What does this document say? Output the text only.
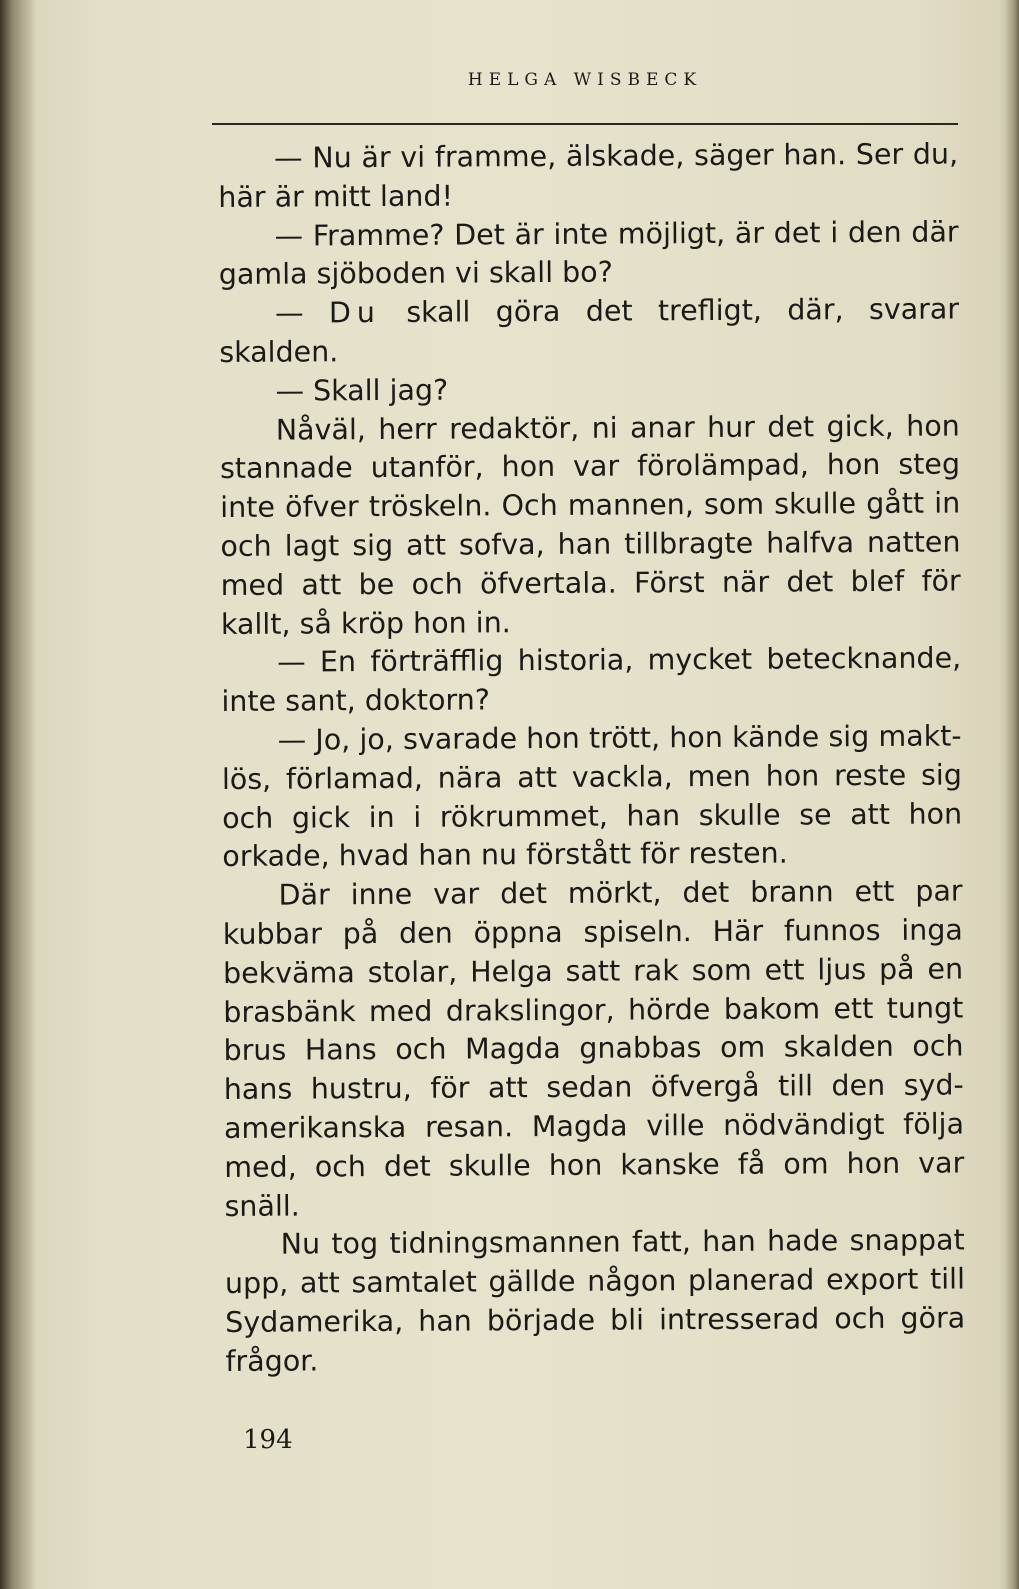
HELGA WISBECK

— Nu är vi framme, älskade, säger han. Ser du, här är mitt land!

— Framme? Det är inte möjligt, är det i den där gamla sjöboden vi skall bo?

— Du skall göra det trefligt, där, svarar skalden.

— Skall jag?

Nåväl, herr redaktör, ni anar hur det gick, hon stannade utanför, hon var förolämpad, hon steg inte öfver tröskeln. Och mannen, som skulle gått in och lagt sig att sofva, han tillbragte halfva natten med att be och öfvertala. Först när det blef för kallt, så kröp hon in.

— En förträfflig historia, mycket betecknande, inte sant, doktorn?

— Jo, jo, svarade hon trött, hon kände sig maktlös, förlamad, nära att vackla, men hon reste sig och gick in i rökrummet, han skulle se att hon orkade, hvad han nu förstått för resten.

Där inne var det mörkt, det brann ett par kubbar på den öppna spiseln. Här funnos inga bekväma stolar, Helga satt rak som ett ljus på en brasbänk med drakslingor, hörde bakom ett tungt brus Hans och Magda gnabbas om skalden och hans hustru, för att sedan öfvergå till den sydamerikanska resan. Magda ville nödvändigt följa med, och det skulle hon kanske få om hon var snäll.

Nu tog tidningsmannen fatt, han hade snappat upp, att samtalet gällde någon planerad export till Sydamerika, han började bli intresserad och göra frågor.

194
